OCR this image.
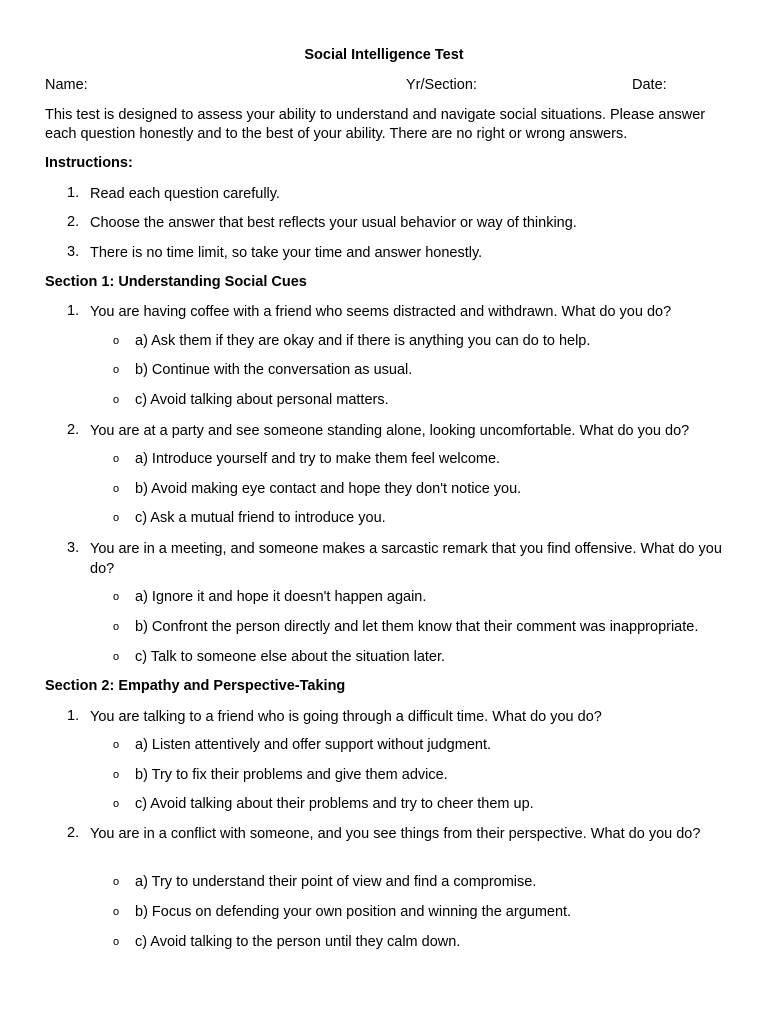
Social Intelligence Test
Name:	Yr/Section:	Date:
This test is designed to assess your ability to understand and navigate social situations. Please answer each question honestly and to the best of your ability. There are no right or wrong answers.
Instructions:
1. Read each question carefully.
2. Choose the answer that best reflects your usual behavior or way of thinking.
3. There is no time limit, so take your time and answer honestly.
Section 1: Understanding Social Cues
1. You are having coffee with a friend who seems distracted and withdrawn. What do you do?
o a) Ask them if they are okay and if there is anything you can do to help.
o b) Continue with the conversation as usual.
o c) Avoid talking about personal matters.
2. You are at a party and see someone standing alone, looking uncomfortable. What do you do?
o a) Introduce yourself and try to make them feel welcome.
o b) Avoid making eye contact and hope they don't notice you.
o c) Ask a mutual friend to introduce you.
3. You are in a meeting, and someone makes a sarcastic remark that you find offensive. What do you do?
o a) Ignore it and hope it doesn't happen again.
o b) Confront the person directly and let them know that their comment was inappropriate.
o c) Talk to someone else about the situation later.
Section 2: Empathy and Perspective-Taking
1. You are talking to a friend who is going through a difficult time. What do you do?
o a) Listen attentively and offer support without judgment.
o b) Try to fix their problems and give them advice.
o c) Avoid talking about their problems and try to cheer them up.
2. You are in a conflict with someone, and you see things from their perspective. What do you do?
o a) Try to understand their point of view and find a compromise.
o b) Focus on defending your own position and winning the argument.
o c) Avoid talking to the person until they calm down.
